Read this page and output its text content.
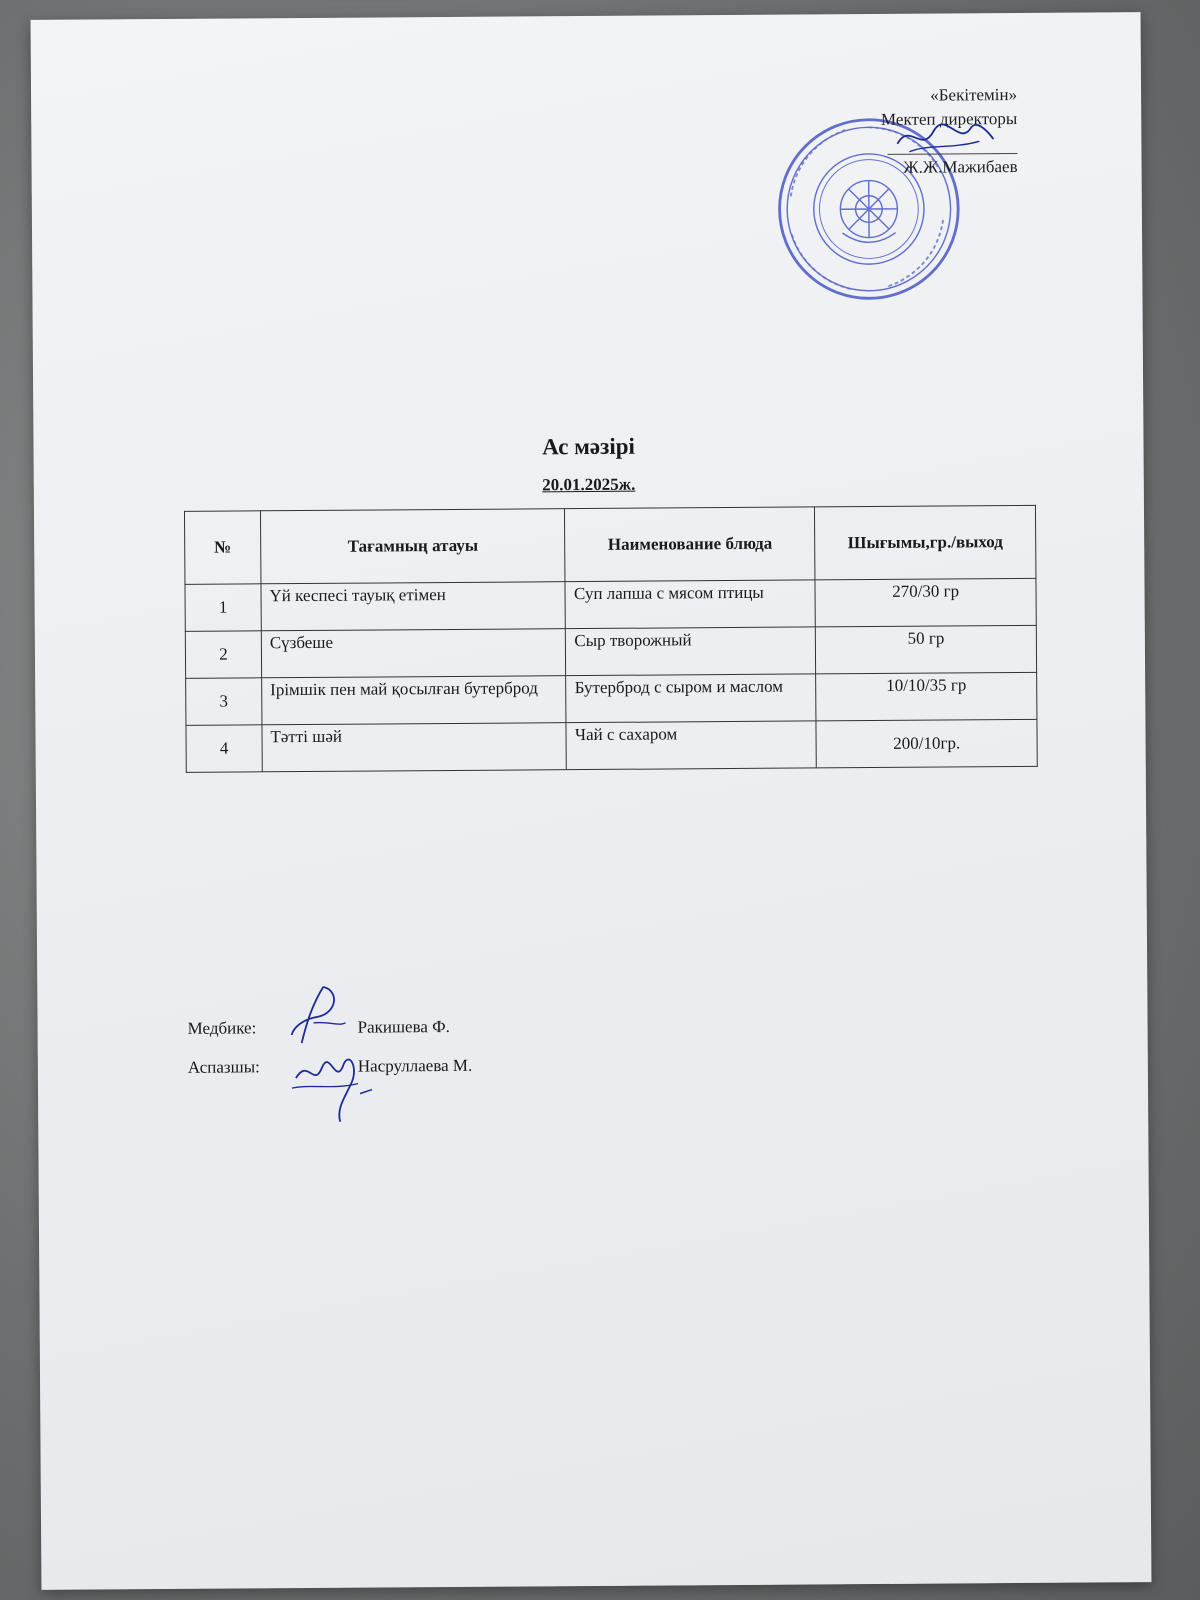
«Бекітемін»
Мектеп директоры
Ж.Ж.Мажибаев
Ас мәзірі
20.01.2025ж.
№	Тағамның атауы	Наименование блюда	Шығымы,гр./выход
1	Үй кеспесі тауық етімен	Суп лапша с мясом птицы	270/30 гр
2	Сүзбеше	Сыр творожный	50 гр
3	Ірімшік пен май қосылған бутерброд	Бутерброд с сыром и маслом	10/10/35 гр
4	Тәтті шәй	Чай с сахаром	200/10гр.
Медбике:	Ракишева Ф.
Аспазшы:	Насруллаева М.
